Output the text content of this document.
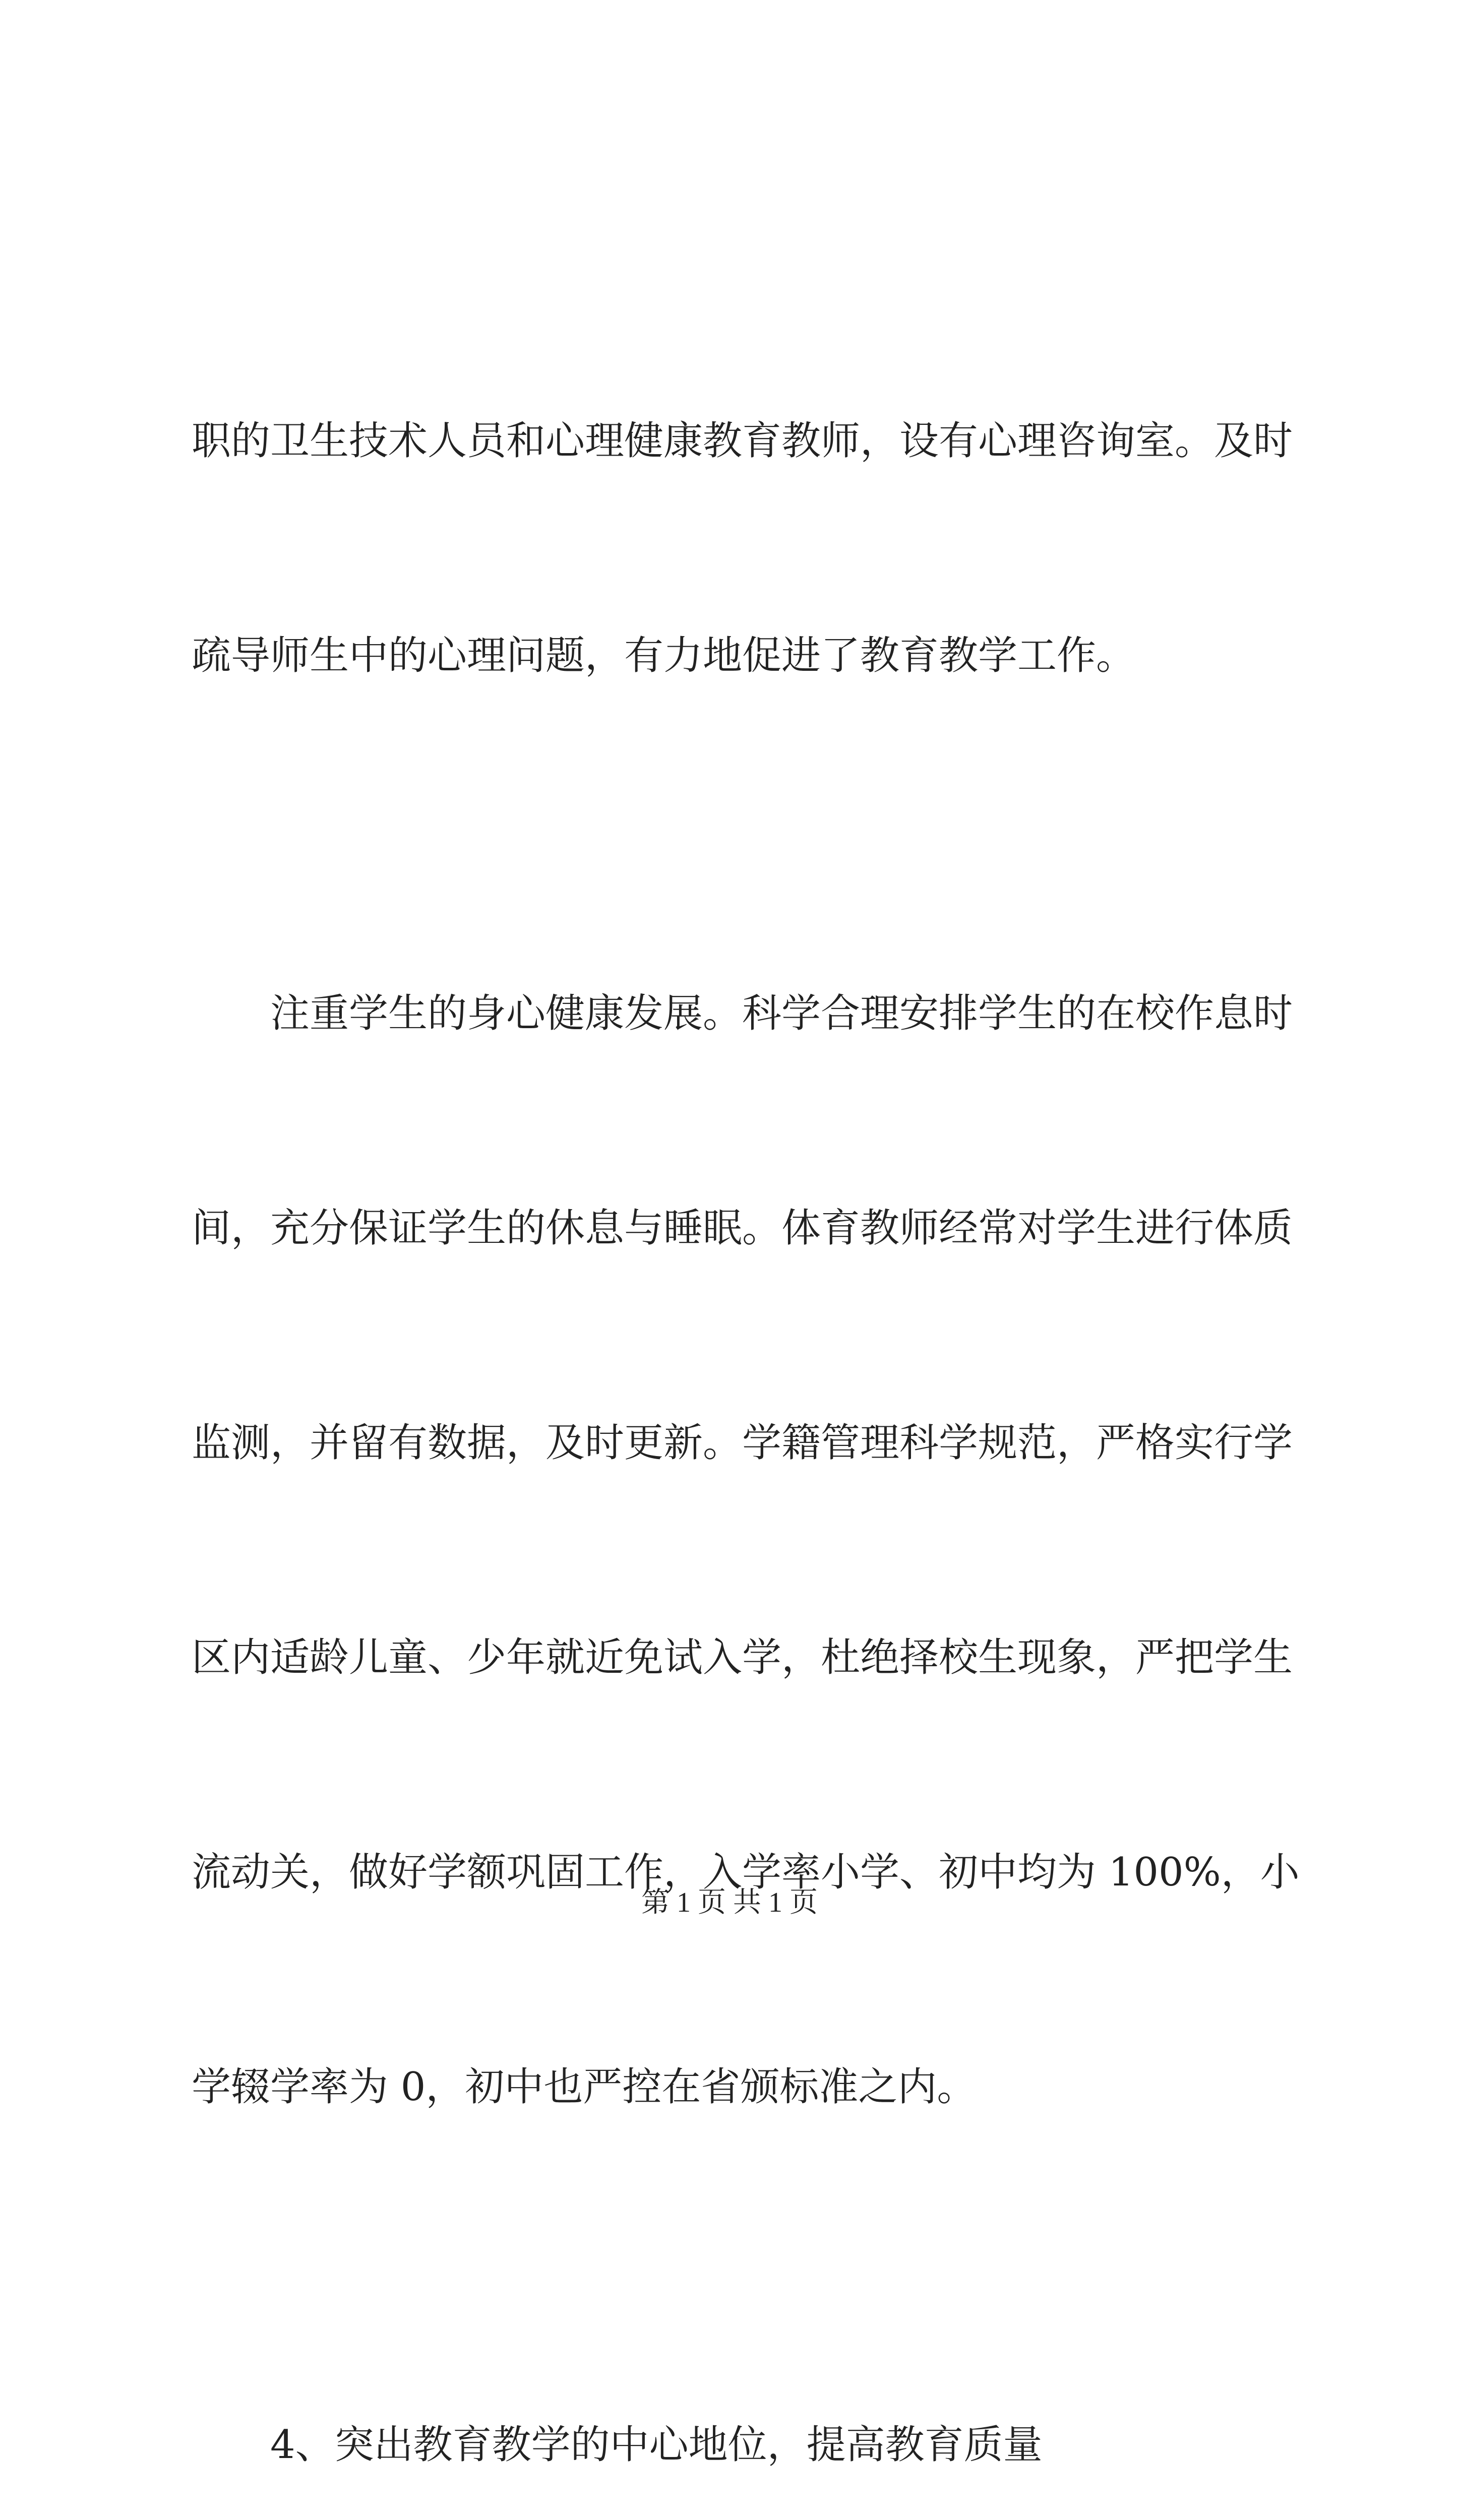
职的卫生技术人员和心理健康教育教师，设有心理咨询室。及时

疏导师生中的心理问题，有力地促进了教育教学工作。

注重学生的身心健康发展。科学合理安排学生的在校作息时

间，充分保证学生的休息与睡眠。体育教师经常对学生进行体质

监测，并留有数据，及时更新。学籍管理科学规范，严格实行学

区内适龄儿童、少年就近免试入学，杜绝择校生现象，严把学生

流动关，做好学额巩固工作，入学率小学、初中均为 100%，小

学辍学率为 0，初中也严控在省颁标准之内。

4、突出教育教学的中心地位，提高教育质量

第 1 页 共 1 页
